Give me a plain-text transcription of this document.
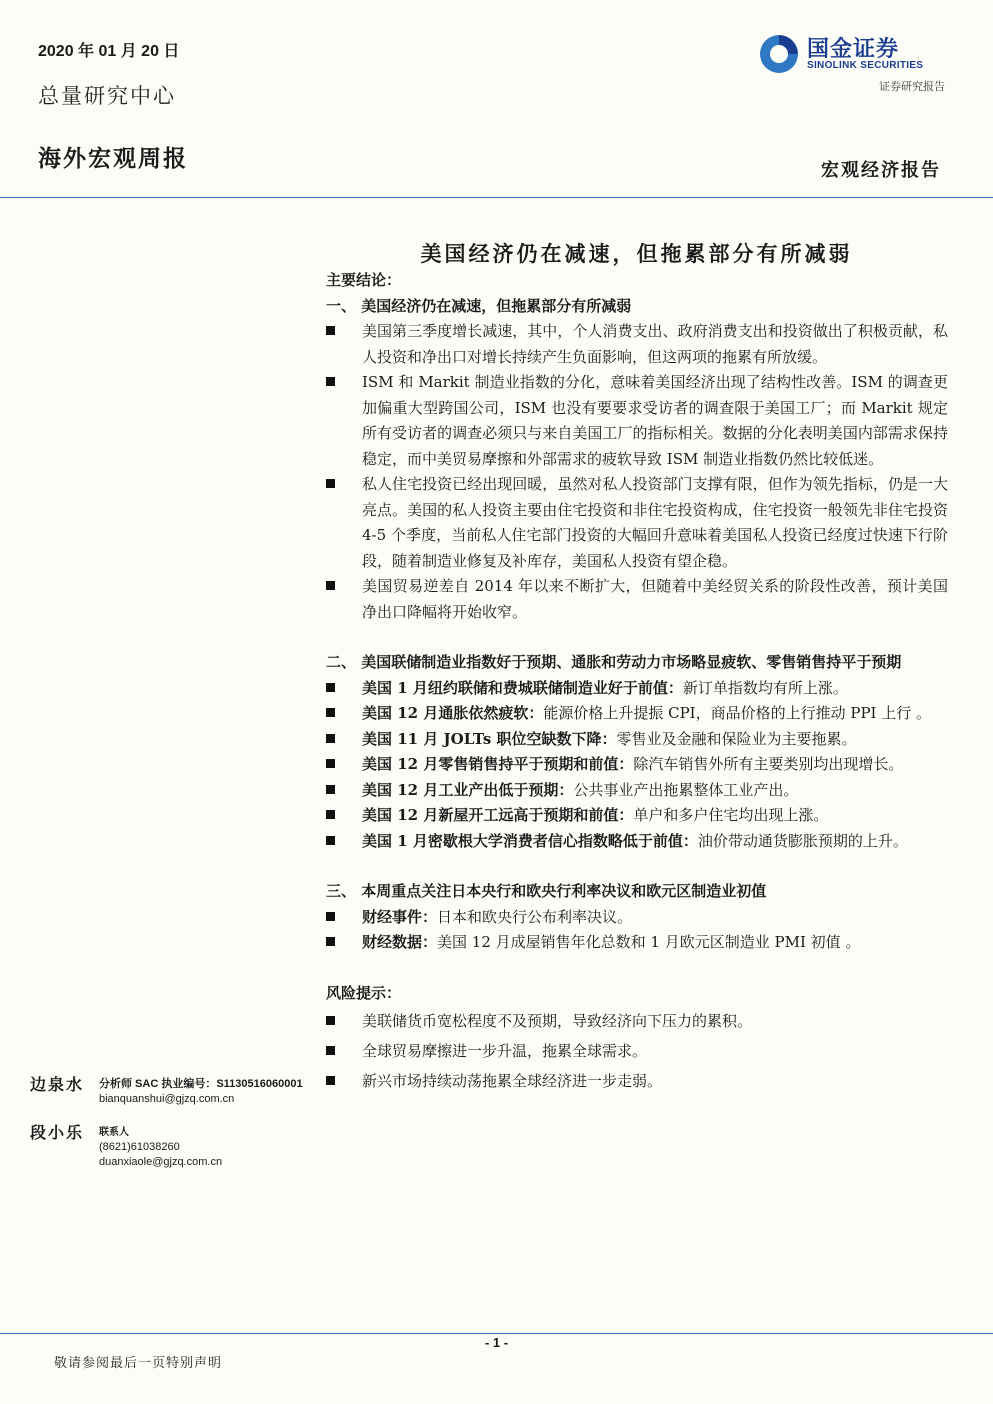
2020 年 01 月 20 日
总量研究中心
海外宏观周报
国金证券
SINOLINK SECURITIES
证券研究报告
宏观经济报告
美国经济仍在减速，但拖累部分有所减弱
主要结论：
一、 美国经济仍在减速，但拖累部分有所减弱
美国第三季度增长减速，其中，个人消费支出、政府消费支出和投资做出了积极贡献，私人投资和净出口对增长持续产生负面影响，但这两项的拖累有所放缓。
ISM 和 Markit 制造业指数的分化，意味着美国经济出现了结构性改善。ISM 的调查更加偏重大型跨国公司，ISM 也没有要要求受访者的调查限于美国工厂；而 Markit 规定所有受访者的调查必须只与来自美国工厂的指标相关。数据的分化表明美国内部需求保持稳定，而中美贸易摩擦和外部需求的疲软导致 ISM 制造业指数仍然比较低迷。
私人住宅投资已经出现回暖，虽然对私人投资部门支撑有限，但作为领先指标，仍是一大亮点。美国的私人投资主要由住宅投资和非住宅投资构成，住宅投资一般领先非住宅投资 4-5 个季度，当前私人住宅部门投资的大幅回升意味着美国私人投资已经度过快速下行阶段，随着制造业修复及补库存，美国私人投资有望企稳。
美国贸易逆差自 2014 年以来不断扩大，但随着中美经贸关系的阶段性改善，预计美国净出口降幅将开始收窄。
二、 美国联储制造业指数好于预期、通胀和劳动力市场略显疲软、零售销售持平于预期
美国 1 月纽约联储和费城联储制造业好于前值：新订单指数均有所上涨。
美国 12 月通胀依然疲软：能源价格上升提振 CPI，商品价格的上行推动 PPI 上行 。
美国 11 月 JOLTs 职位空缺数下降：零售业及金融和保险业为主要拖累。
美国 12 月零售销售持平于预期和前值：除汽车销售外所有主要类别均出现增长。
美国 12 月工业产出低于预期：公共事业产出拖累整体工业产出。
美国 12 月新屋开工远高于预期和前值：单户和多户住宅均出现上涨。
美国 1 月密歇根大学消费者信心指数略低于前值：油价带动通货膨胀预期的上升。
三、 本周重点关注日本央行和欧央行利率决议和欧元区制造业初值
财经事件：日本和欧央行公布利率决议。
财经数据：美国 12 月成屋销售年化总数和 1 月欧元区制造业 PMI 初值 。
风险提示：
美联储货币宽松程度不及预期，导致经济向下压力的累积。
全球贸易摩擦进一步升温，拖累全球需求。
新兴市场持续动荡拖累全球经济进一步走弱。
边泉水 分析师 SAC 执业编号：S1130516060001
bianquanshui@gjzq.com.cn
段小乐 联系人
(8621)61038260
duanxiaole@gjzq.com.cn
- 1 -
敬请参阅最后一页特别声明
